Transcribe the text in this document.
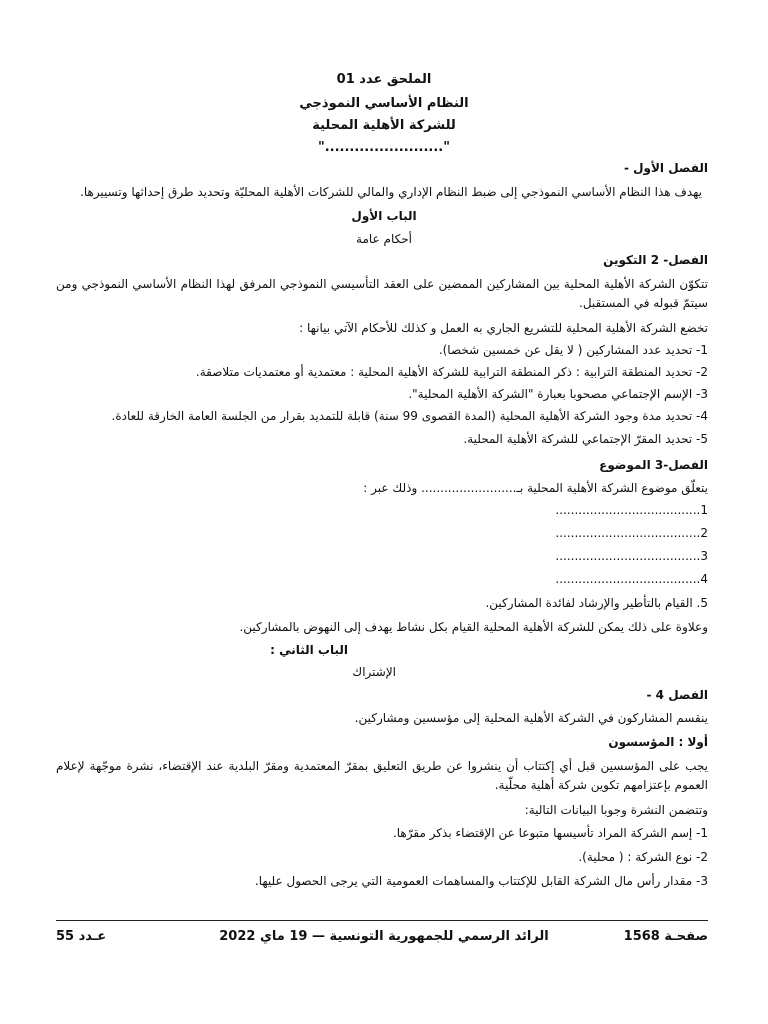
الملحق عدد 01
النظام الأساسي النموذجي
للشركة الأهلية المحلية
"........................"
الفصل الأول -
يهدف هذا النظام الأساسي النموذجي إلى ضبط النظام الإداري والمالي للشركات الأهلية المحليّة وتحديد طرق إحداثها وتسييرها.
الباب الأول
أحكام عامة
الفصل- 2 التكوين
تتكوّن الشركة الأهلية المحلية بين المشاركين الممضين على العقد التأسيسي النموذجي المرفق لهذا النظام الأساسي النموذجي ومن سيتمّ قبوله في المستقبل.
تخضع الشركة الأهلية المحلية للتشريع الجاري به العمل و كذلك للأحكام الآتي بيانها :
1- تحديد عدد المشاركين ( لا يقل عن خمسين شخصا).
2- تحديد المنطقة الترابية : ذكر المنطقة الترابية للشركة الأهلية المحلية : معتمدية أو معتمديات متلاصقة.
3- الإسم الإجتماعي مصحوبا بعبارة "الشركة الأهلية المحلية".
4- تحديد مدة وجود الشركة الأهلية المحلية (المدة القصوى 99 سنة) قابلة للتمديد بقرار من الجلسة العامة الخارقة للعادة.
5- تحديد المقرّ الإجتماعي للشركة الأهلية المحلية.
الفصل-3 الموضوع
يتعلّق موضوع الشركة الأهلية المحلية بـ......................... وذلك عبر :
1......................................
2......................................
3......................................
4......................................
5. القيام بالتأطير والإرشاد لفائدة المشاركين.
وعلاوة على ذلك يمكن للشركة الأهلية المحلية القيام بكل نشاط يهدف إلى النهوض بالمشاركين.
الباب الثاني :
الإشتراك
الفصل 4 -
ينقسم المشاركون في الشركة الأهلية المحلية إلى مؤسسين ومشاركين.
أولا : المؤسسون
يجب على المؤسسين قبل أي إكتتاب أن ينشروا عن طريق التعليق بمقرّ المعتمدية ومقرّ البلدية عند الإقتضاء، نشرة موجّهة لإعلام العموم بإعتزامهم تكوين شركة أهلية محلّية.
وتتضمن النشرة وجوبا البيانات التالية:
1- إسم الشركة المراد تأسيسها متبوعا عن الإقتضاء بذكر مقرّها.
2- نوع الشركة : ( محلية).
3- مقدار رأس مال الشركة القابل للإكتتاب والمساهمات العمومية التي يرجى الحصول عليها.
صفحـة 1568
الرائد الرسمي للجمهورية التونسية — 19 ماي 2022
عـدد 55
